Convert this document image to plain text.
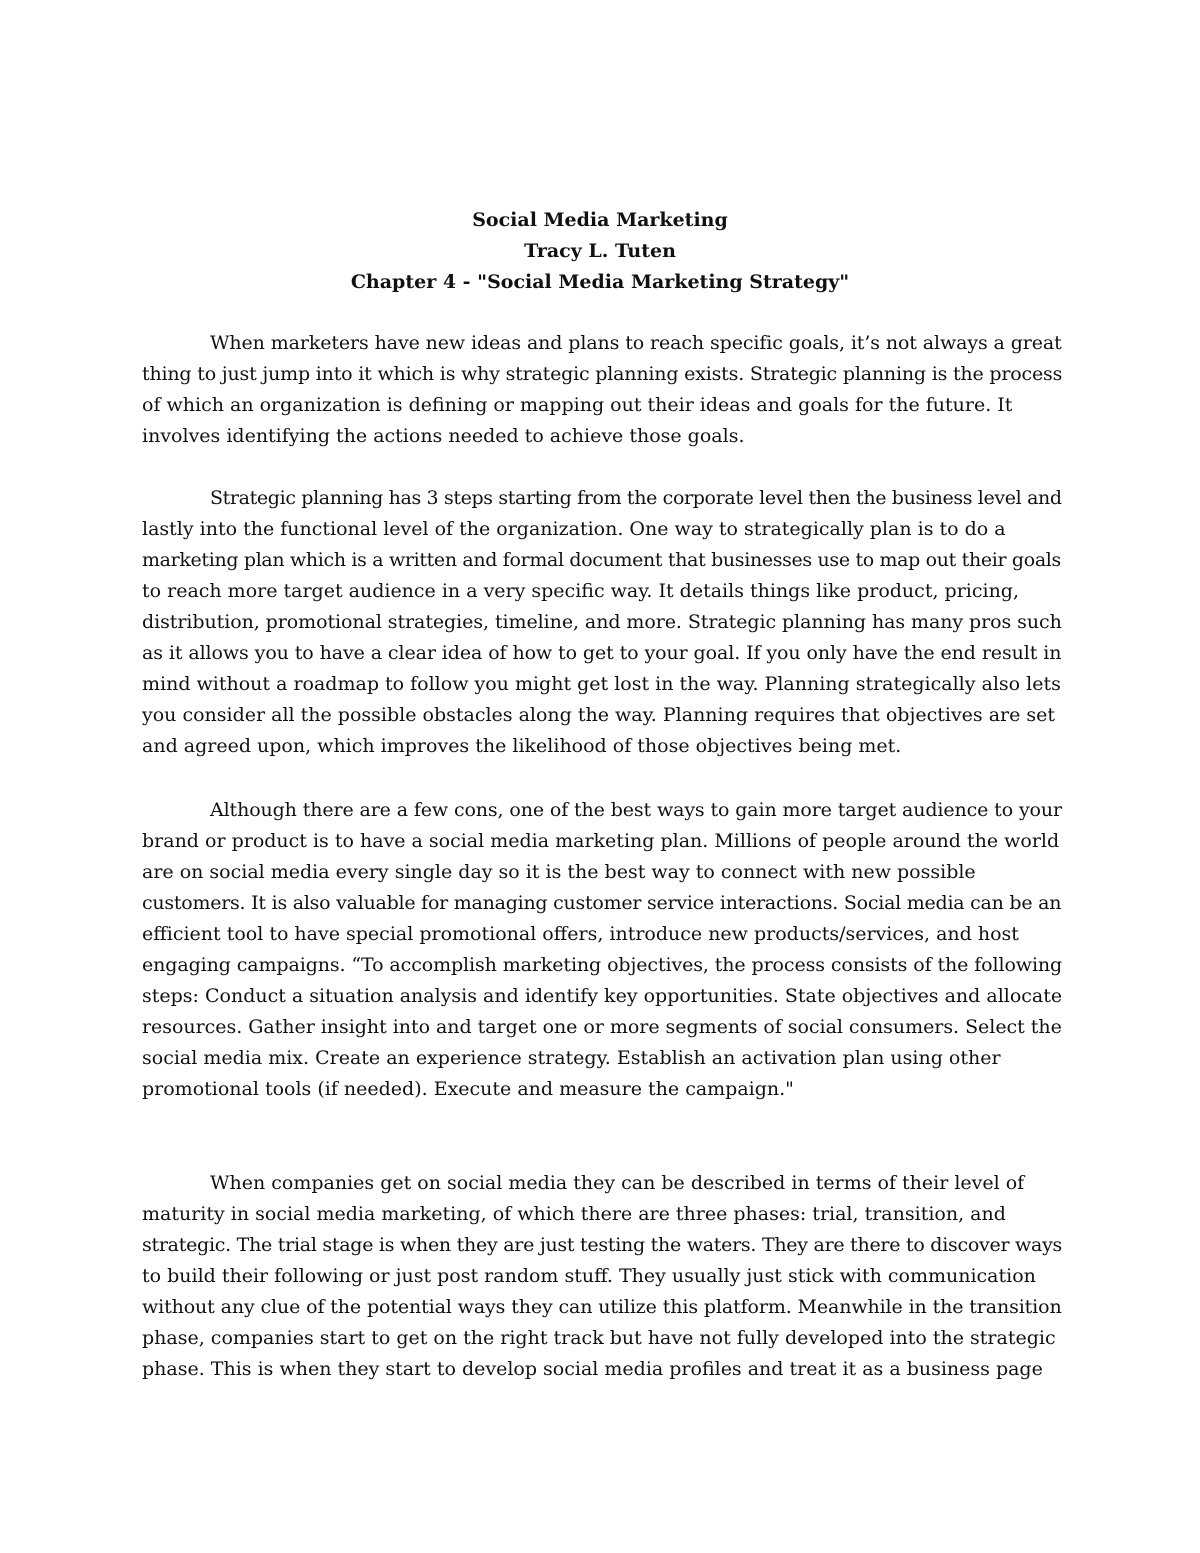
Social Media Marketing
Tracy L. Tuten
Chapter 4 - "Social Media Marketing Strategy"
When marketers have new ideas and plans to reach specific goals, it’s not always a great
thing to just jump into it which is why strategic planning exists. Strategic planning is the process
of which an organization is defining or mapping out their ideas and goals for the future. It
involves identifying the actions needed to achieve those goals.
Strategic planning has 3 steps starting from the corporate level then the business level and
lastly into the functional level of the organization. One way to strategically plan is to do a
marketing plan which is a written and formal document that businesses use to map out their goals
to reach more target audience in a very specific way. It details things like product, pricing,
distribution, promotional strategies, timeline, and more. Strategic planning has many pros such
as it allows you to have a clear idea of how to get to your goal. If you only have the end result in
mind without a roadmap to follow you might get lost in the way. Planning strategically also lets
you consider all the possible obstacles along the way. Planning requires that objectives are set
and agreed upon, which improves the likelihood of those objectives being met.
Although there are a few cons, one of the best ways to gain more target audience to your
brand or product is to have a social media marketing plan. Millions of people around the world
are on social media every single day so it is the best way to connect with new possible
customers. It is also valuable for managing customer service interactions. Social media can be an
efficient tool to have special promotional offers, introduce new products/services, and host
engaging campaigns. “To accomplish marketing objectives, the process consists of the following
steps: Conduct a situation analysis and identify key opportunities. State objectives and allocate
resources. Gather insight into and target one or more segments of social consumers. Select the
social media mix. Create an experience strategy. Establish an activation plan using other
promotional tools (if needed). Execute and measure the campaign."
When companies get on social media they can be described in terms of their level of
maturity in social media marketing, of which there are three phases: trial, transition, and
strategic. The trial stage is when they are just testing the waters. They are there to discover ways
to build their following or just post random stuff. They usually just stick with communication
without any clue of the potential ways they can utilize this platform. Meanwhile in the transition
phase, companies start to get on the right track but have not fully developed into the strategic
phase. This is when they start to develop social media profiles and treat it as a business page
